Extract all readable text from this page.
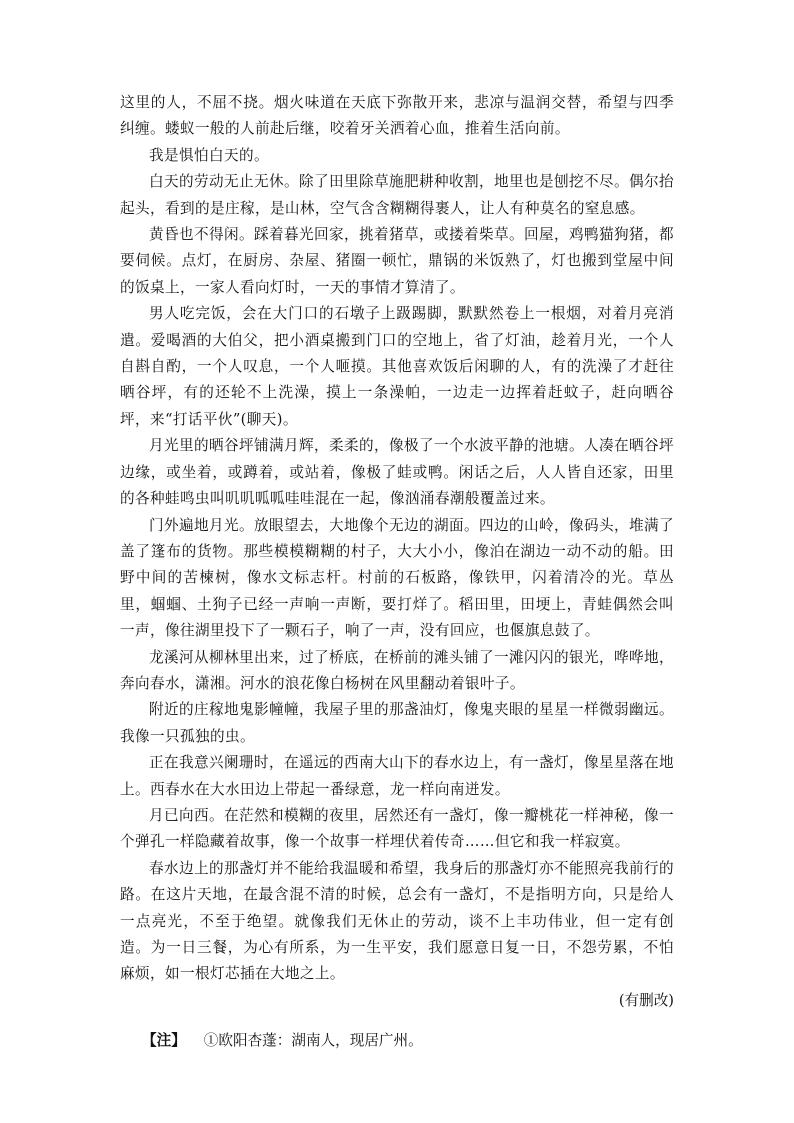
这里的人，不屈不挠。烟火味道在天底下弥散开来，悲凉与温润交替，希望与四季纠缠。蝼蚁一般的人前赴后继，咬着牙关洒着心血，推着生活向前。

我是惧怕白天的。

白天的劳动无止无休。除了田里除草施肥耕种收割，地里也是刨挖不尽。偶尔抬起头，看到的是庄稼，是山林，空气含含糊糊得裹人，让人有种莫名的窒息感。

黄昏也不得闲。踩着暮光回家，挑着猪草，或搂着柴草。回屋，鸡鸭猫狗猪，都要伺候。点灯，在厨房、杂屋、猪圈一顿忙，鼎锅的米饭熟了，灯也搬到堂屋中间的饭桌上，一家人看向灯时，一天的事情才算清了。

男人吃完饭，会在大门口的石墩子上趿踢脚，默默然卷上一根烟，对着月亮消遣。爱喝酒的大伯父，把小酒桌搬到门口的空地上，省了灯油，趁着月光，一个人自斟自酌，一个人叹息，一个人咂摸。其他喜欢饭后闲聊的人，有的洗澡了才赶往晒谷坪，有的还轮不上洗澡，摸上一条澡帕，一边走一边挥着赶蚊子，赶向晒谷坪，来“打话平伙”(聊天)。

月光里的晒谷坪铺满月辉，柔柔的，像极了一个水波平静的池塘。人凑在晒谷坪边缘，或坐着，或蹲着，或站着，像极了蛙或鸭。闲话之后，人人皆自还家，田里的各种蛙鸣虫叫叽叽呱呱哇哇混在一起，像汹涌春潮般覆盖过来。

门外遍地月光。放眼望去，大地像个无边的湖面。四边的山岭，像码头，堆满了盖了篷布的货物。那些模模糊糊的村子，大大小小，像泊在湖边一动不动的船。田野中间的苦楝树，像水文标志杆。村前的石板路，像铁甲，闪着清冷的光。草丛里，蝈蝈、土狗子已经一声响一声断，要打烊了。稻田里，田埂上，青蛙偶然会叫一声，像往湖里投下了一颗石子，响了一声，没有回应，也偃旗息鼓了。

龙溪河从柳林里出来，过了桥底，在桥前的滩头铺了一滩闪闪的银光，哗哗地，奔向春水，潇湘。河水的浪花像白杨树在风里翻动着银叶子。

附近的庄稼地鬼影幢幢，我屋子里的那盏油灯，像鬼夹眼的星星一样微弱幽远。我像一只孤独的虫。

正在我意兴阑珊时，在遥远的西南大山下的春水边上，有一盏灯，像星星落在地上。西春水在大水田边上带起一番绿意，龙一样向南迸发。

月已向西。在茫然和模糊的夜里，居然还有一盏灯，像一瓣桃花一样神秘，像一个弹孔一样隐藏着故事，像一个故事一样埋伏着传奇……但它和我一样寂寞。

春水边上的那盏灯并不能给我温暖和希望，我身后的那盏灯亦不能照亮我前行的路。在这片天地，在最含混不清的时候，总会有一盏灯，不是指明方向，只是给人一点亮光，不至于绝望。就像我们无休止的劳动，谈不上丰功伟业，但一定有创造。为一日三餐，为心有所系，为一生平安，我们愿意日复一日，不怨劳累，不怕麻烦，如一根灯芯插在大地之上。

(有删改)

【注】 ①欧阳杏蓬：湖南人，现居广州。
